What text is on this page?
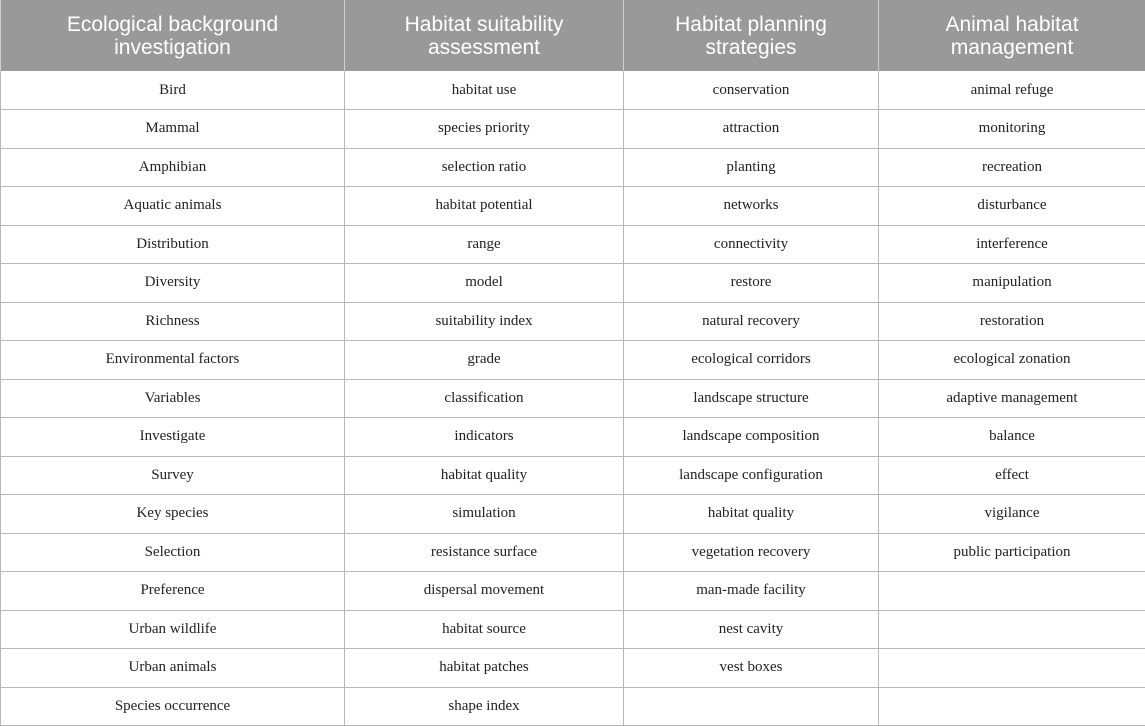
Ecological background investigation	Habitat suitability assessment	Habitat planning strategies	Animal habitat management
Bird	habitat use	conservation	animal refuge
Mammal	species priority	attraction	monitoring
Amphibian	selection ratio	planting	recreation
Aquatic animals	habitat potential	networks	disturbance
Distribution	range	connectivity	interference
Diversity	model	restore	manipulation
Richness	suitability index	natural recovery	restoration
Environmental factors	grade	ecological corridors	ecological zonation
Variables	classification	landscape structure	adaptive management
Investigate	indicators	landscape composition	balance
Survey	habitat quality	landscape configuration	effect
Key species	simulation	habitat quality	vigilance
Selection	resistance surface	vegetation recovery	public participation
Preference	dispersal movement	man-made facility	
Urban wildlife	habitat source	nest cavity	
Urban animals	habitat patches	vest boxes	
Species occurrence	shape index		
